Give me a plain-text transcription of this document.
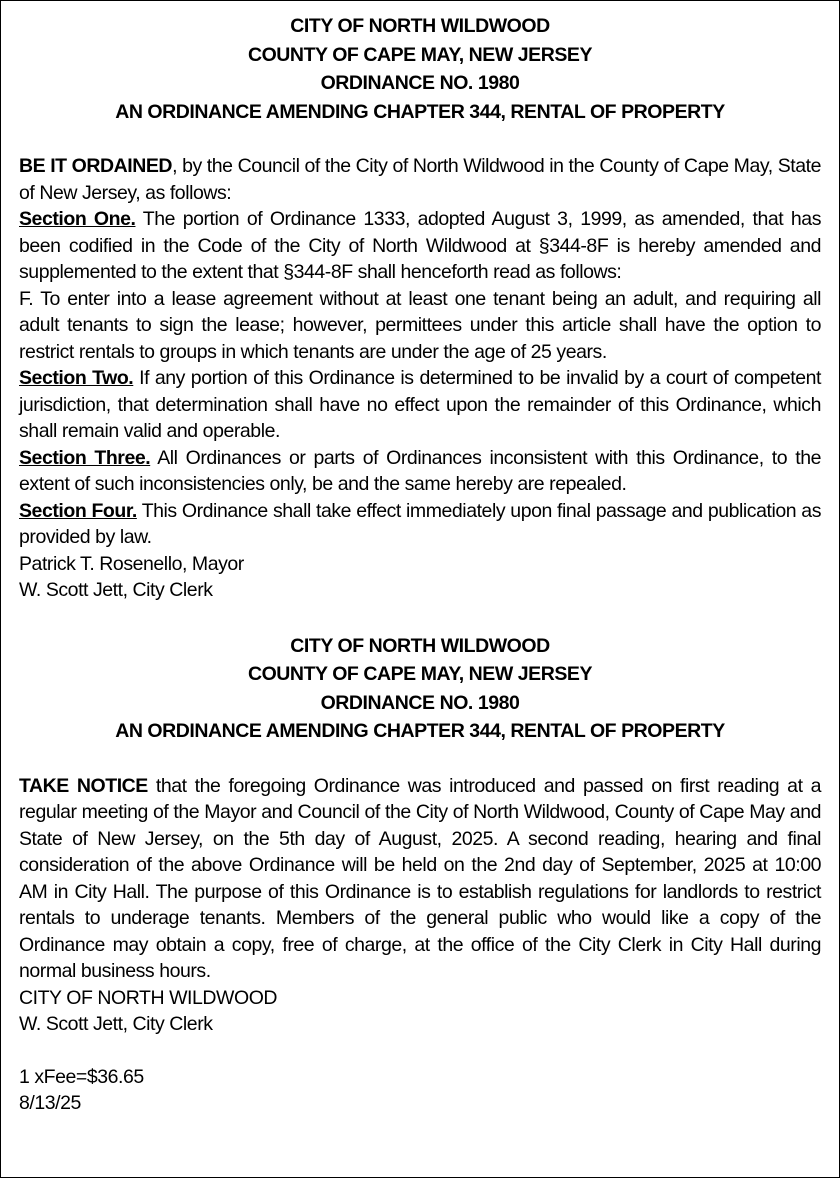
CITY OF NORTH WILDWOOD
COUNTY OF CAPE MAY, NEW JERSEY
ORDINANCE NO. 1980
AN ORDINANCE AMENDING CHAPTER 344, RENTAL OF PROPERTY

BE IT ORDAINED, by the Council of the City of North Wildwood in the County of Cape May, State of New Jersey, as follows:

Section One. The portion of Ordinance 1333, adopted August 3, 1999, as amended, that has been codified in the Code of the City of North Wildwood at §344-8F is hereby amended and supplemented to the extent that §344-8F shall henceforth read as follows:

F. To enter into a lease agreement without at least one tenant being an adult, and requiring all adult tenants to sign the lease; however, permittees under this article shall have the option to restrict rentals to groups in which tenants are under the age of 25 years.

Section Two. If any portion of this Ordinance is determined to be invalid by a court of competent jurisdiction, that determination shall have no effect upon the remainder of this Ordinance, which shall remain valid and operable.

Section Three. All Ordinances or parts of Ordinances inconsistent with this Ordinance, to the extent of such inconsistencies only, be and the same hereby are repealed.

Section Four. This Ordinance shall take effect immediately upon final passage and publication as provided by law.

Patrick T. Rosenello, Mayor
W. Scott Jett, City Clerk
CITY OF NORTH WILDWOOD
COUNTY OF CAPE MAY, NEW JERSEY
ORDINANCE NO. 1980
AN ORDINANCE AMENDING CHAPTER 344, RENTAL OF PROPERTY

TAKE NOTICE that the foregoing Ordinance was introduced and passed on first reading at a regular meeting of the Mayor and Council of the City of North Wildwood, County of Cape May and State of New Jersey, on the 5th day of August, 2025. A second reading, hearing and final consideration of the above Ordinance will be held on the 2nd day of September, 2025 at 10:00 AM in City Hall. The purpose of this Ordinance is to establish regulations for landlords to restrict rentals to underage tenants. Members of the general public who would like a copy of the Ordinance may obtain a copy, free of charge, at the office of the City Clerk in City Hall during normal business hours.

CITY OF NORTH WILDWOOD
W. Scott Jett, City Clerk
1 xFee=$36.65
8/13/25
